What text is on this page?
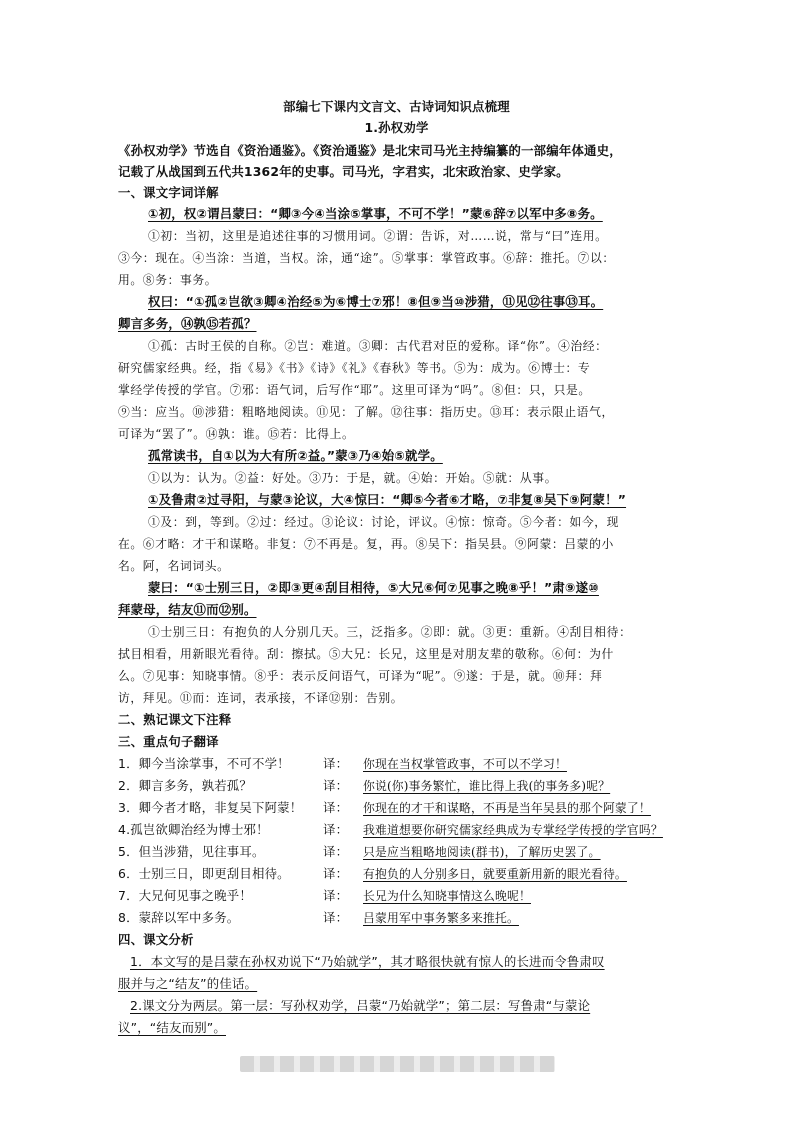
部编七下课内文言文、古诗词知识点梳理
1.孙权劝学
《孙权劝学》节选自《资治通鉴》。《资治通鉴》是北宋司马光主持编纂的一部编年体通史，
记载了从战国到五代共1362年的史事。司马光，字君实，北宋政治家、史学家。
一、课文字词详解
①初，权②谓吕蒙曰：“卿③今④当涂⑤掌事，不可不学！”蒙⑥辞⑦以军中多⑧务。
①初：当初，这里是追述往事的习惯用词。②谓：告诉，对……说，常与“曰”连用。
③今：现在。④当涂：当道，当权。涂，通“途”。⑤掌事：掌管政事。⑥辞：推托。⑦以：
用。⑧务：事务。
权曰：“①孤②岂欲③卿④治经⑤为⑥博士⑦邪！⑧但⑨当⑩涉猎，⑪见⑫往事⑬耳。
卿言多务，⑭孰⑮若孤？
①孤：古时王侯的自称。②岂：难道。③卿：古代君对臣的爱称。译“你”。④治经：
研究儒家经典。经，指《易》《书》《诗》《礼》《春秋》等书。⑤为：成为。⑥博士：专
掌经学传授的学官。⑦邪：语气词，后写作“耶”。这里可译为“吗”。⑧但：只，只是。
⑨当：应当。⑩涉猎：粗略地阅读。⑪见：了解。⑫往事：指历史。⑬耳：表示限止语气，
可译为“罢了”。⑭孰：谁。⑮若：比得上。
孤常读书，自①以为大有所②益。”蒙③乃④始⑤就学。
①以为：认为。②益：好处。③乃：于是，就。④始：开始。⑤就：从事。
①及鲁肃②过寻阳，与蒙③论议，大④惊曰：“卿⑤今者⑥才略，⑦非复⑧吴下⑨阿蒙！”
①及：到，等到。②过：经过。③论议：讨论，评议。④惊：惊奇。⑤今者：如今，现
在。⑥才略：才干和谋略。非复：⑦不再是。复，再。⑧吴下：指吴县。⑨阿蒙：吕蒙的小
名。阿，名词词头。
蒙曰：“①士别三日，②即③更④刮目相待，⑤大兄⑥何⑦见事之晚⑧乎！”肃⑨遂⑩
拜蒙母，结友⑪而⑫别。
①士别三日：有抱负的人分别几天。三，泛指多。②即：就。③更：重新。④刮目相待：
拭目相看，用新眼光看待。刮：擦拭。⑤大兄：长兄，这里是对朋友辈的敬称。⑥何：为什
么。⑦见事：知晓事情。⑧乎：表示反问语气，可译为“呢”。⑨遂：于是，就。⑩拜：拜
访，拜见。⑪而：连词，表承接，不译⑫别：告别。
二、熟记课文下注释
三、重点句子翻译
1．卿今当涂掌事，不可不学！	译： 你现在当权掌管政事，不可以不学习！
2．卿言多务，孰若孤？	译： 你说(你)事务繁忙，谁比得上我(的事务多)呢？
3．卿今者才略，非复吴下阿蒙！ 译： 你现在的才干和谋略，不再是当年吴县的那个阿蒙了！
4.孤岂欲卿治经为博士邪！	译： 我难道想要你研究儒家经典成为专掌经学传授的学官吗？
5．但当涉猎，见往事耳。	译： 只是应当粗略地阅读(群书)，了解历史罢了。
6．士别三日，即更刮目相待。	译： 有抱负的人分别多日，就要重新用新的眼光看待。
7．大兄何见事之晚乎！	译： 长兄为什么知晓事情这么晚呢！
8．蒙辞以军中多务。	译： 吕蒙用军中事务繁多来推托。
四、课文分析
1．本文写的是吕蒙在孙权劝说下“乃始就学”，其才略很快就有惊人的长进而令鲁肃叹
服并与之“结友”的佳话。
2.课文分为两层。第一层：写孙权劝学，吕蒙“乃始就学”；第二层：写鲁肃“与蒙论
议”，“结友而别”。
